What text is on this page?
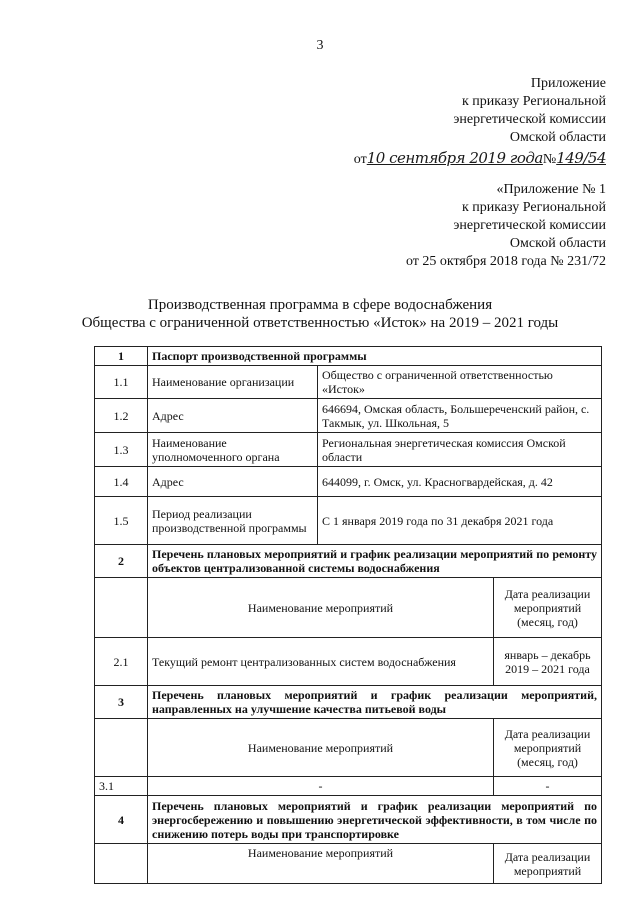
3
Приложение
к приказу Региональной
энергетической комиссии
Омской области
от10 сентября 2019 года№149/54
«Приложение № 1
к приказу Региональной
энергетической комиссии
Омской области
от 25 октября 2018 года № 231/72
Производственная программа в сфере водоснабжения
Общества с ограниченной ответственностью «Исток» на 2019 – 2021 годы
1	Паспорт производственной программы		
1.1	Наименование организации	Общество с ограниченной ответственностью «Исток»	
1.2	Адрес	646694, Омская область, Большереченский район, с. Такмык, ул. Школьная, 5	
1.3	Наименование уполномоченного органа	Региональная энергетическая комиссия Омской области	
1.4	Адрес	644099, г. Омск, ул. Красногвардейская, д. 42	
1.5	Период реализации производственной программы	С 1 января 2019 года по 31 декабря 2021 года	
2	Перечень плановых мероприятий и график реализации мероприятий по ремонту объектов централизованной системы водоснабжения		
	Наименование мероприятий		Дата реализации мероприятий (месяц, год)
2.1	Текущий ремонт централизованных систем водоснабжения		январь – декабрь 2019 – 2021 года
3	Перечень плановых мероприятий и график реализации мероприятий, направленных на улучшение качества питьевой воды		
	Наименование мероприятий		Дата реализации мероприятий (месяц, год)
3.1	-		-
4	Перечень плановых мероприятий и график реализации мероприятий по энергосбережению и повышению энергетической эффективности, в том числе по снижению потерь воды при транспортировке		
	Наименование мероприятий		Дата реализации мероприятий
